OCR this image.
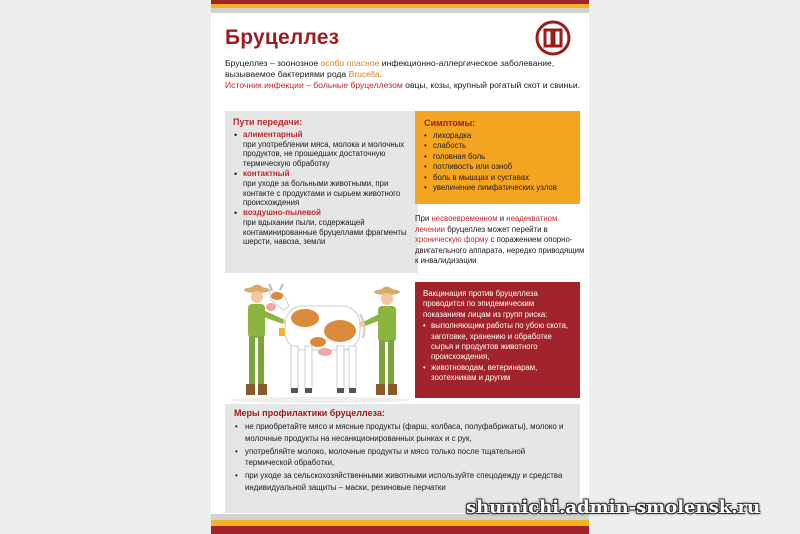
Бруцеллез

Бруцеллез – зоонозное особо опасное инфекционно-аллергическое заболевание, вызываемое бактериями рода Brucella.

Источник инфекции – больные бруцеллезом овцы, козы, крупный рогатый скот и свиньи.

Пути передачи:
• алиментарный
при употреблении мяса, молока и молочных продуктов, не прошедших достаточную термическую обработку
• контактный
при уходе за больными животными, при контакте с продуктами и сырьем животного происхождения
• воздушно-пылевой
при вдыхании пыли, содержащей контаминированные бруцеллами фрагменты шерсти, навоза, земли
Симптомы:
• лихорадка
• слабость
• головная боль
• потливость или озноб
• боль в мышцах и суставах
• увеличение лимфатических узлов
При несвоевременном и неадекватном лечении бруцеллез может перейти в хроническую форму с поражением опорно-двигательного аппарата, нередко приводящим к инвалидизации

Вакцинация против бруцеллеза проводится по эпидемическим показаниям лицам из групп риска:

• выполняющим работы по убою скота, заготовке, хранению и обработке сырья и продуктов животного происхождения,
• животноводам, ветеринарам, зоотехникам и другим
Меры профилактики бруцеллеза:
• не приобретайте мясо и мясные продукты (фарш, колбаса, полуфабрикаты), молоко и молочные продукты на несанкционированных рынках и с рук,
• употребляйте молоко, молочные продукты и мясо только после тщательной термической обработки,
• при уходе за сельскохозяйственными животными используйте спецодежду и средства индивидуальной защиты – маски, резиновые перчатки
shumichi.admin-smolensk.ru
